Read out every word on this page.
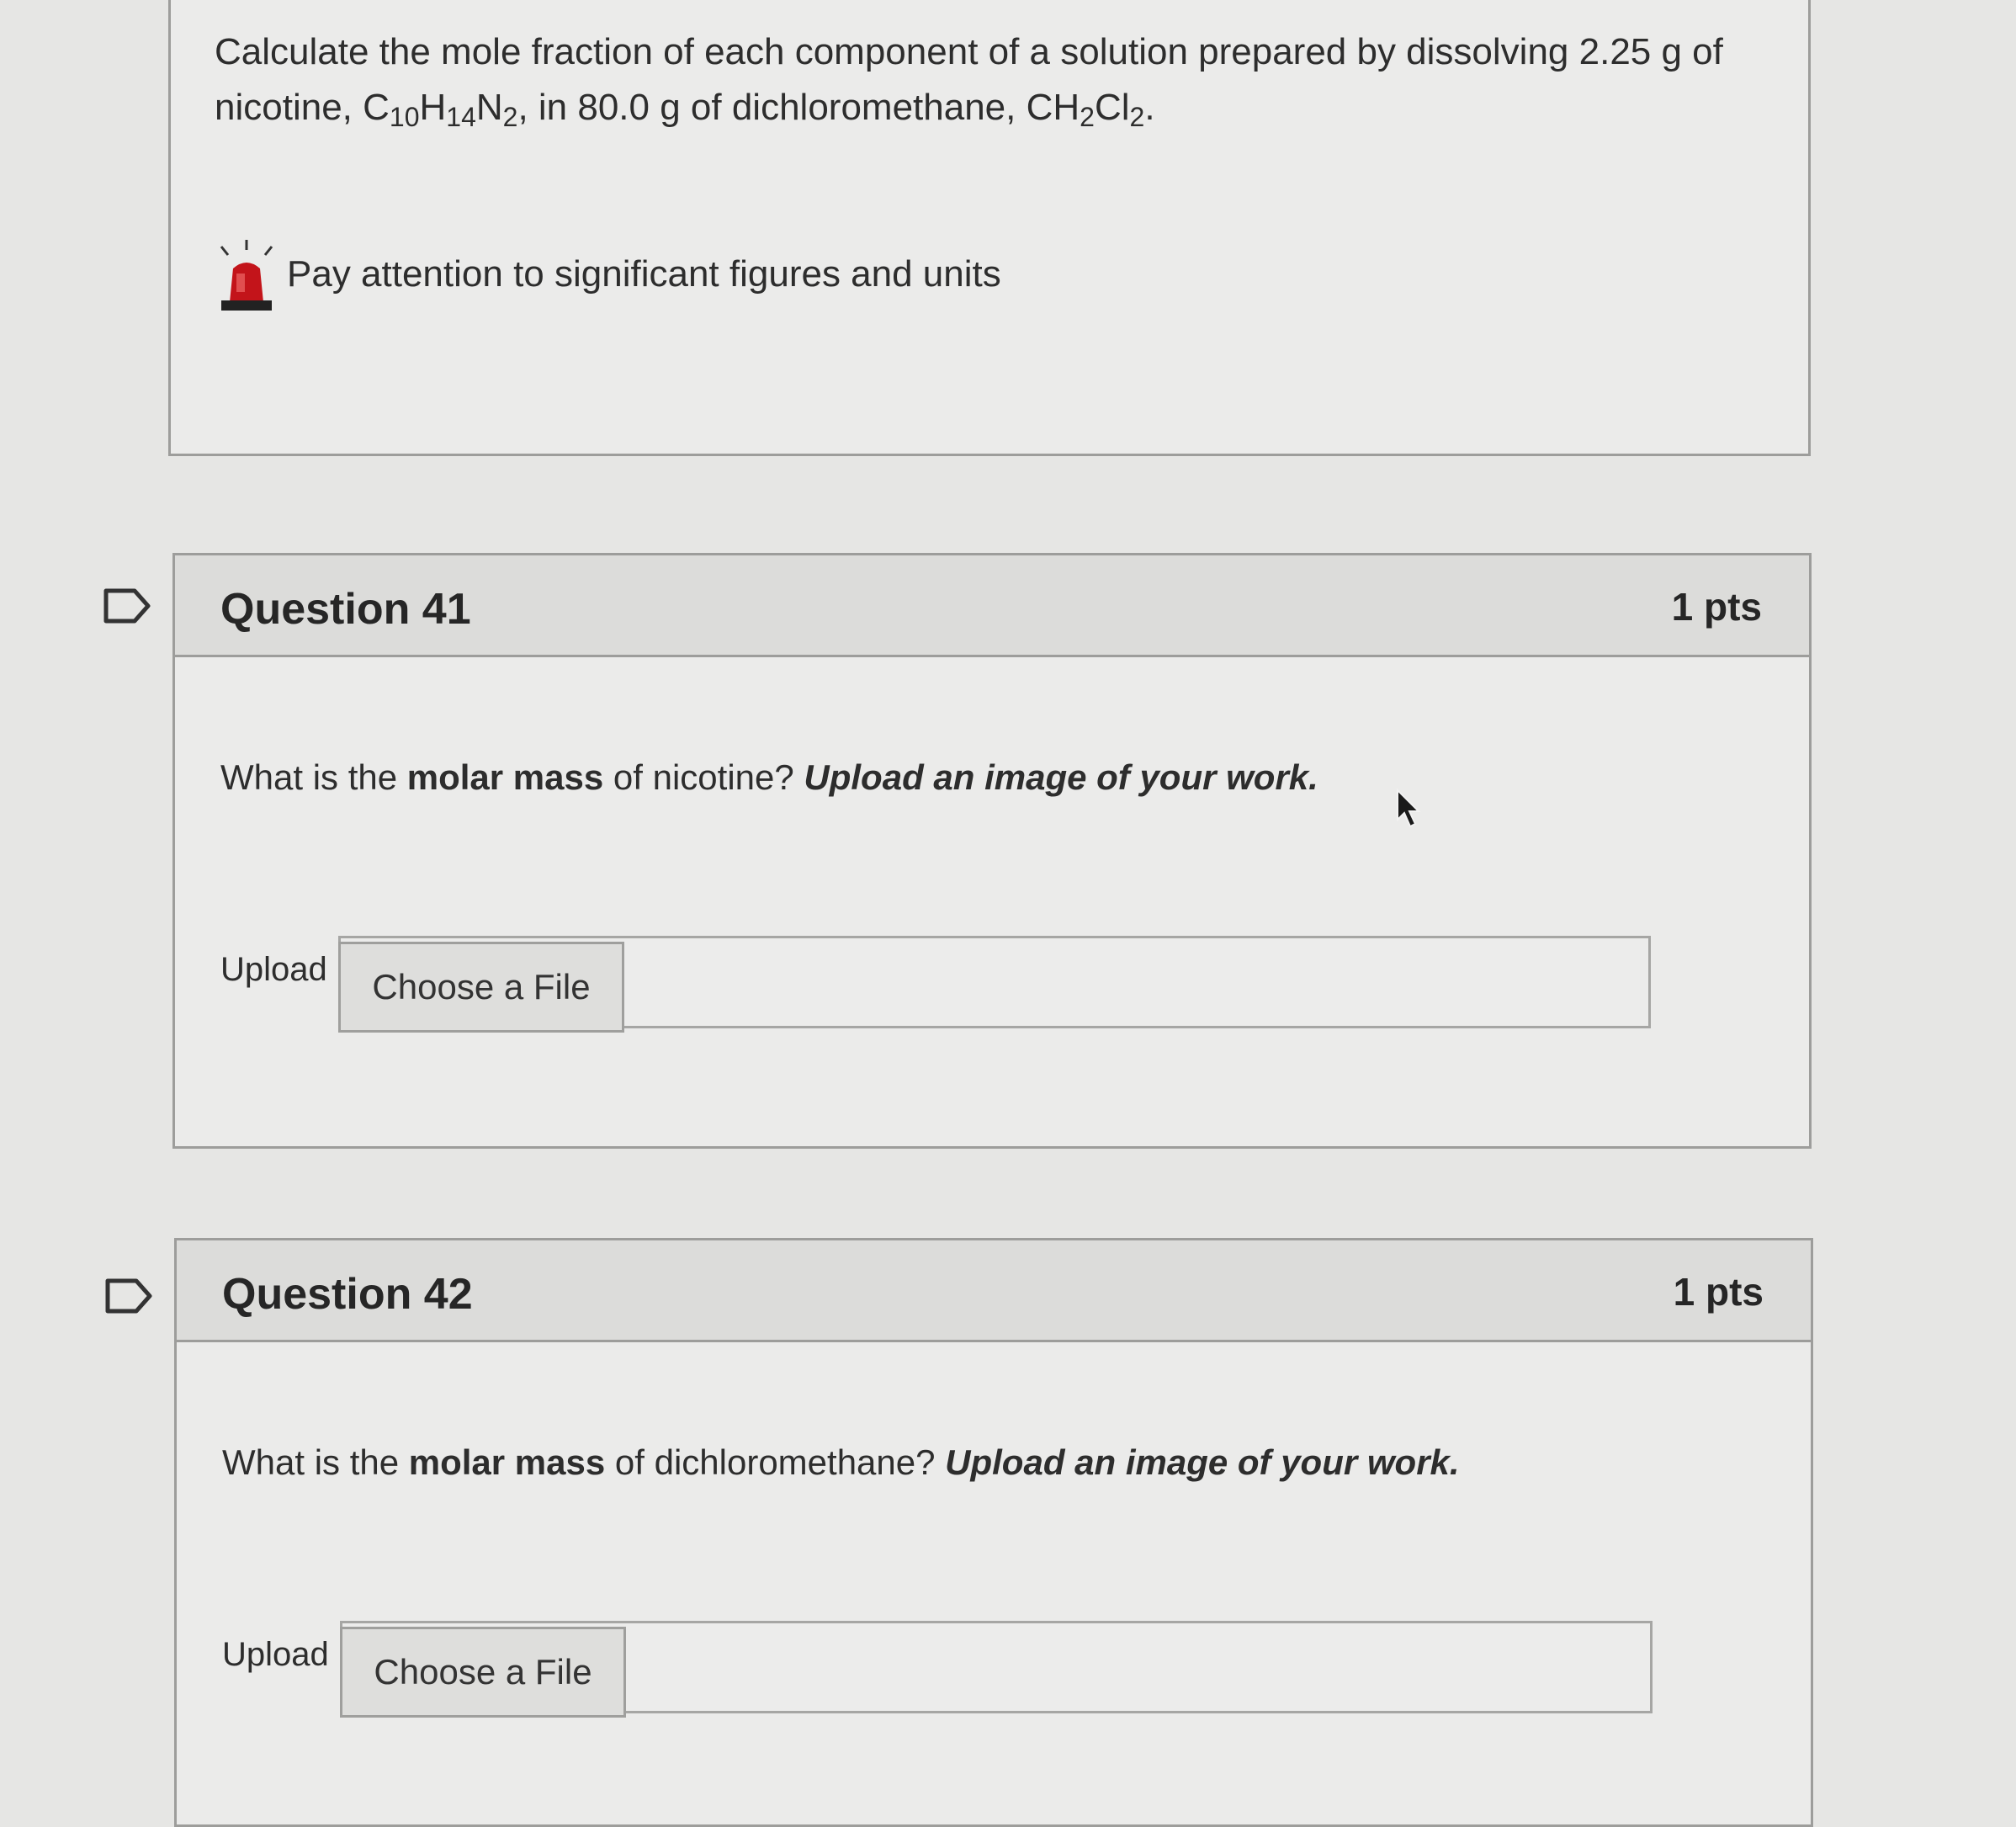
Calculate the mole fraction of each component of a solution prepared by dissolving 2.25 g of
nicotine, $C_{10}H_{14}N_2$, in 80.0 g of dichloromethane, $CH_2Cl_2$.
Pay attention to significant figures and units
Question 41	1 pts
What is the molar mass of nicotine? Upload an image of your work.
Upload	Choose a File
Question 42	1 pts
What is the molar mass of dichloromethane? Upload an image of your work.
Upload	Choose a File
